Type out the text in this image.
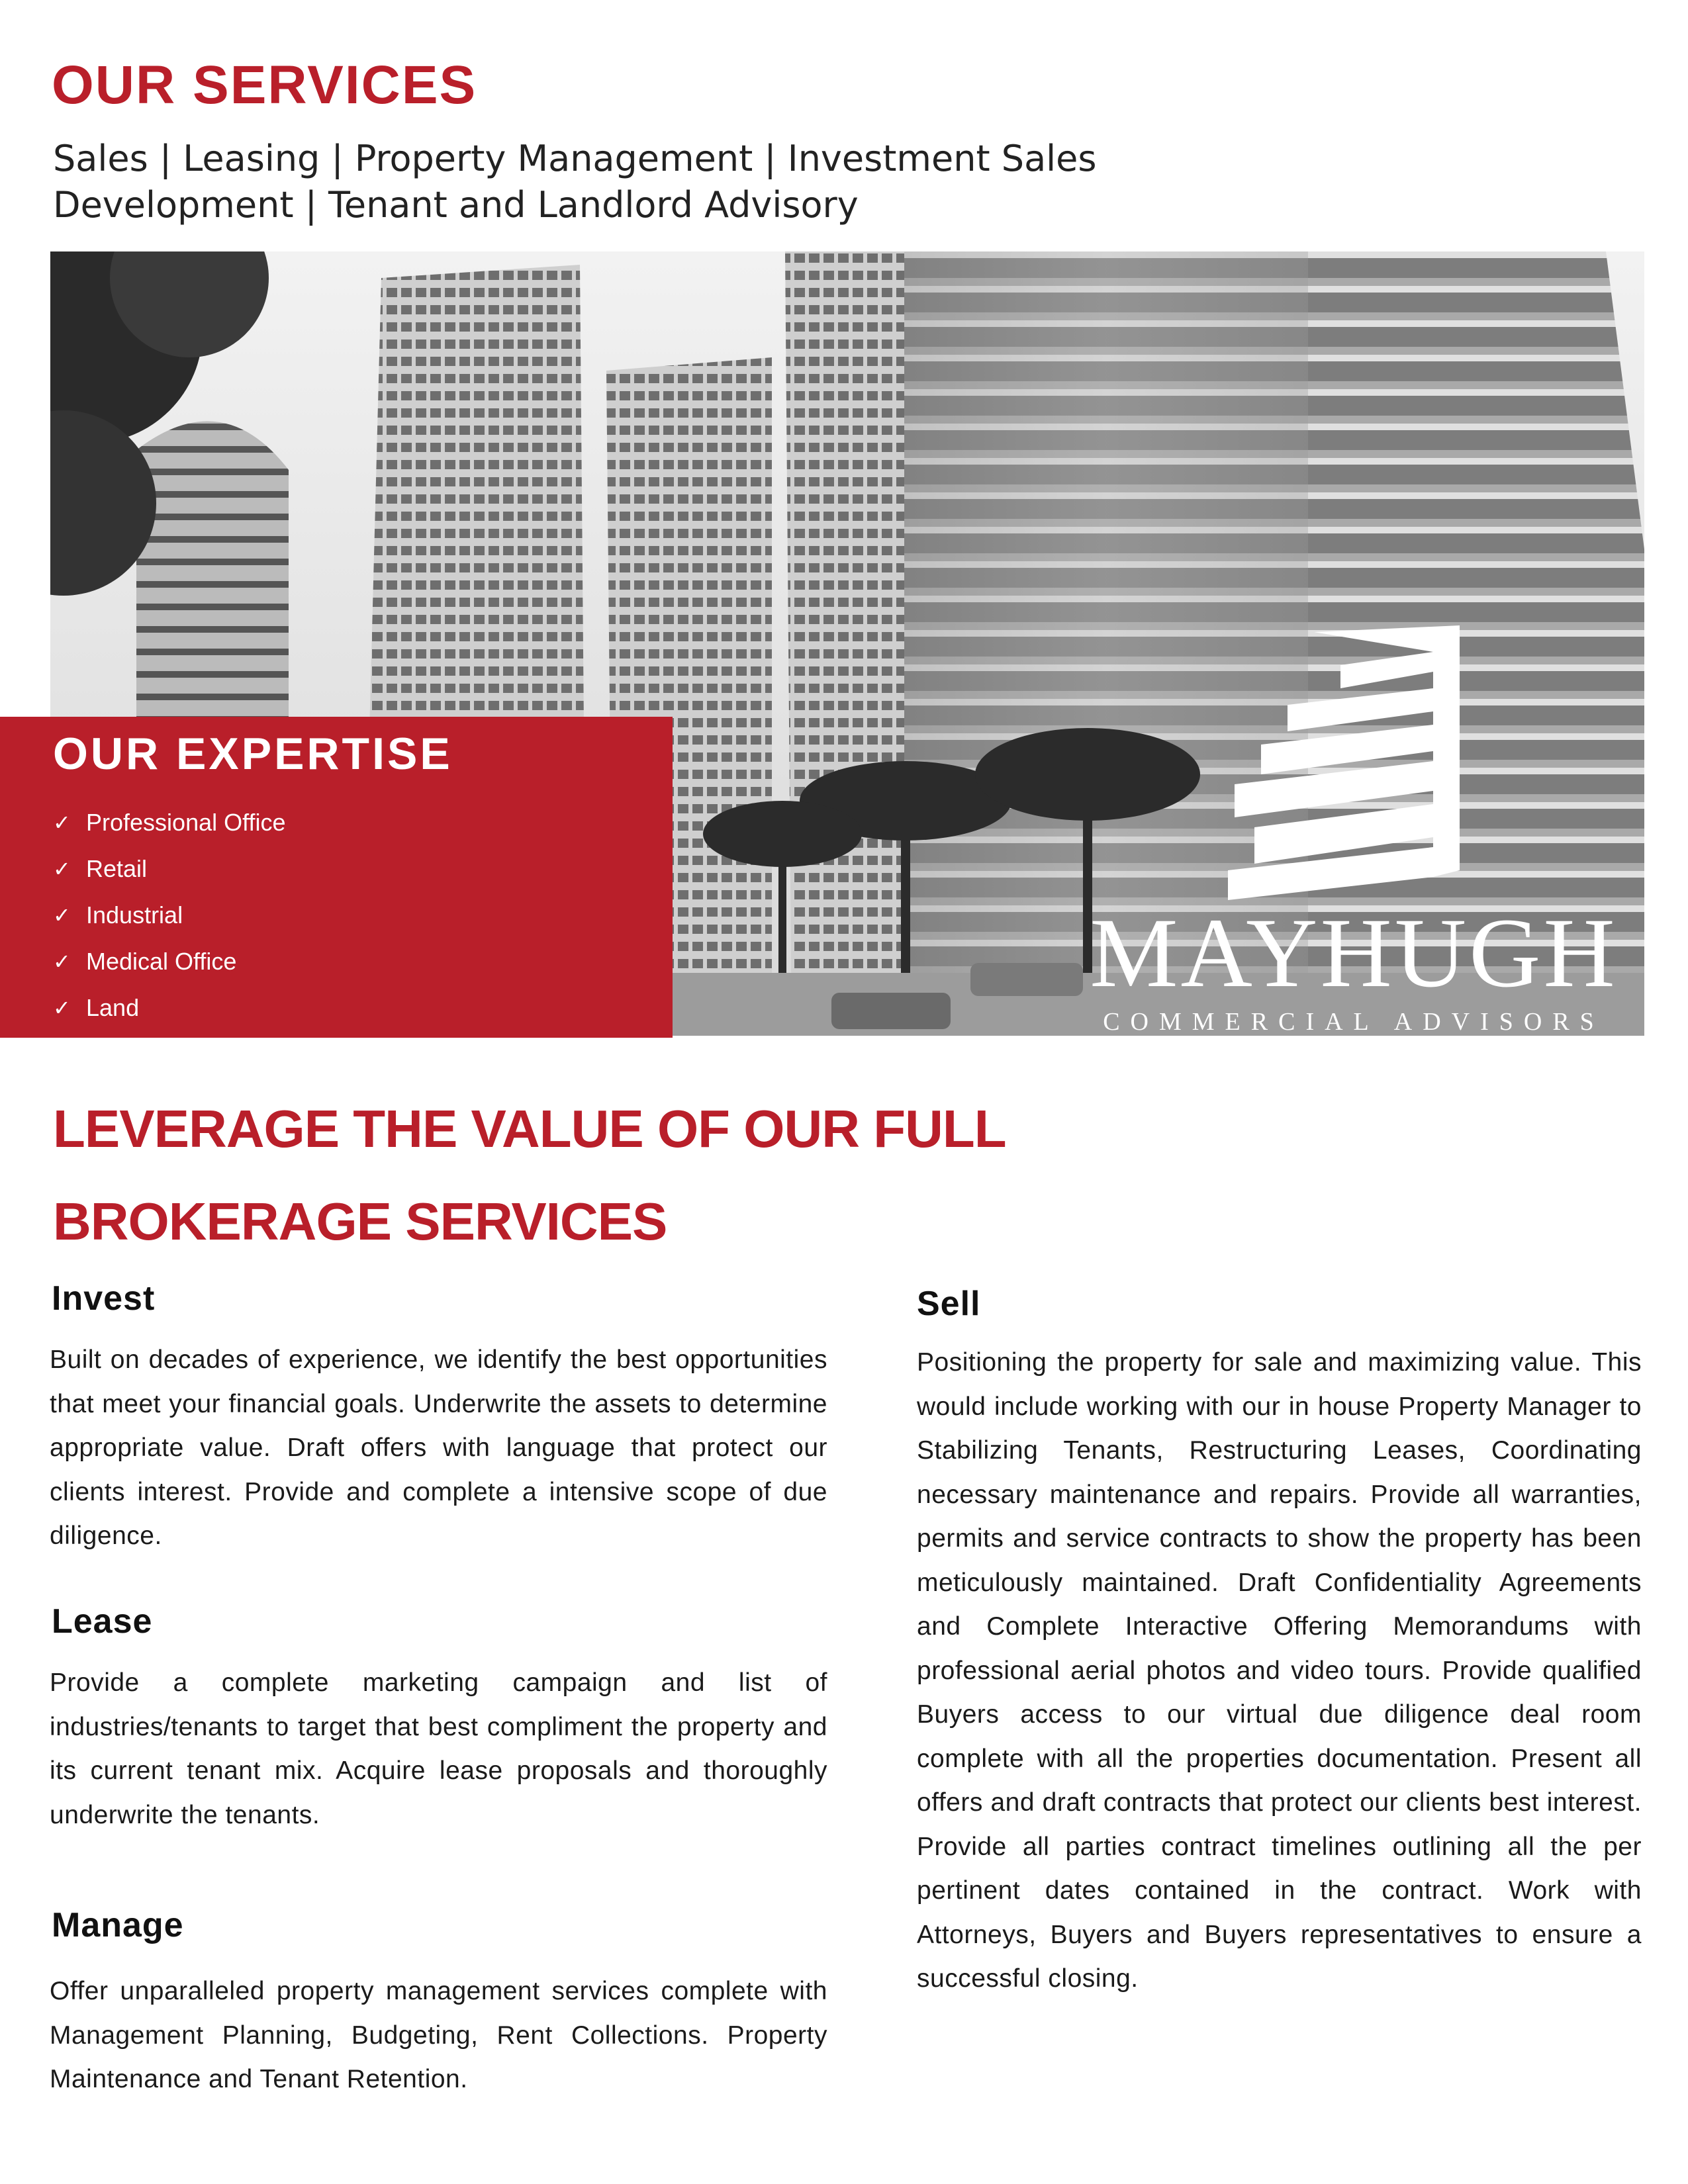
OUR SERVICES
Sales | Leasing | Property Management | Investment Sales
Development | Tenant and Landlord Advisory
OUR EXPERTISE
✓ Professional Office
✓ Retail
✓ Industrial
✓ Medical Office
✓ Land	MAYHUGH
COMMERCIAL ADVISORS
LEVERAGE THE VALUE OF OUR FULL
BROKERAGE SERVICES
Invest

Built on decades of experience, we identify the best opportunities that meet your financial goals. Underwrite the assets to determine appropriate value. Draft offers with language that protect our clients interest. Provide and complete a intensive scope of due diligence.

Lease

Provide a complete marketing campaign and list of industries/tenants to target that best compliment the property and its current tenant mix. Acquire lease proposals and thoroughly underwrite the tenants.

Manage

Offer unparalleled property management services complete with Management Planning, Budgeting, Rent Collections. Property Maintenance and Tenant Retention.

Sell

Positioning the property for sale and maximizing value. This would include working with our in house Property Manager to Stabilizing Tenants, Restructuring Leases, Coordinating necessary maintenance and repairs. Provide all warranties, permits and service contracts to show the property has been meticulously maintained. Draft Confidentiality Agreements and Complete Interactive Offering Memorandums with professional aerial photos and video tours. Provide qualified Buyers access to our virtual due diligence deal room complete with all the properties documentation. Present all offers and draft contracts that protect our clients best interest. Provide all parties contract timelines outlining all the per pertinent dates contained in the contract. Work with Attorneys, Buyers and Buyers representatives to ensure a successful closing.
